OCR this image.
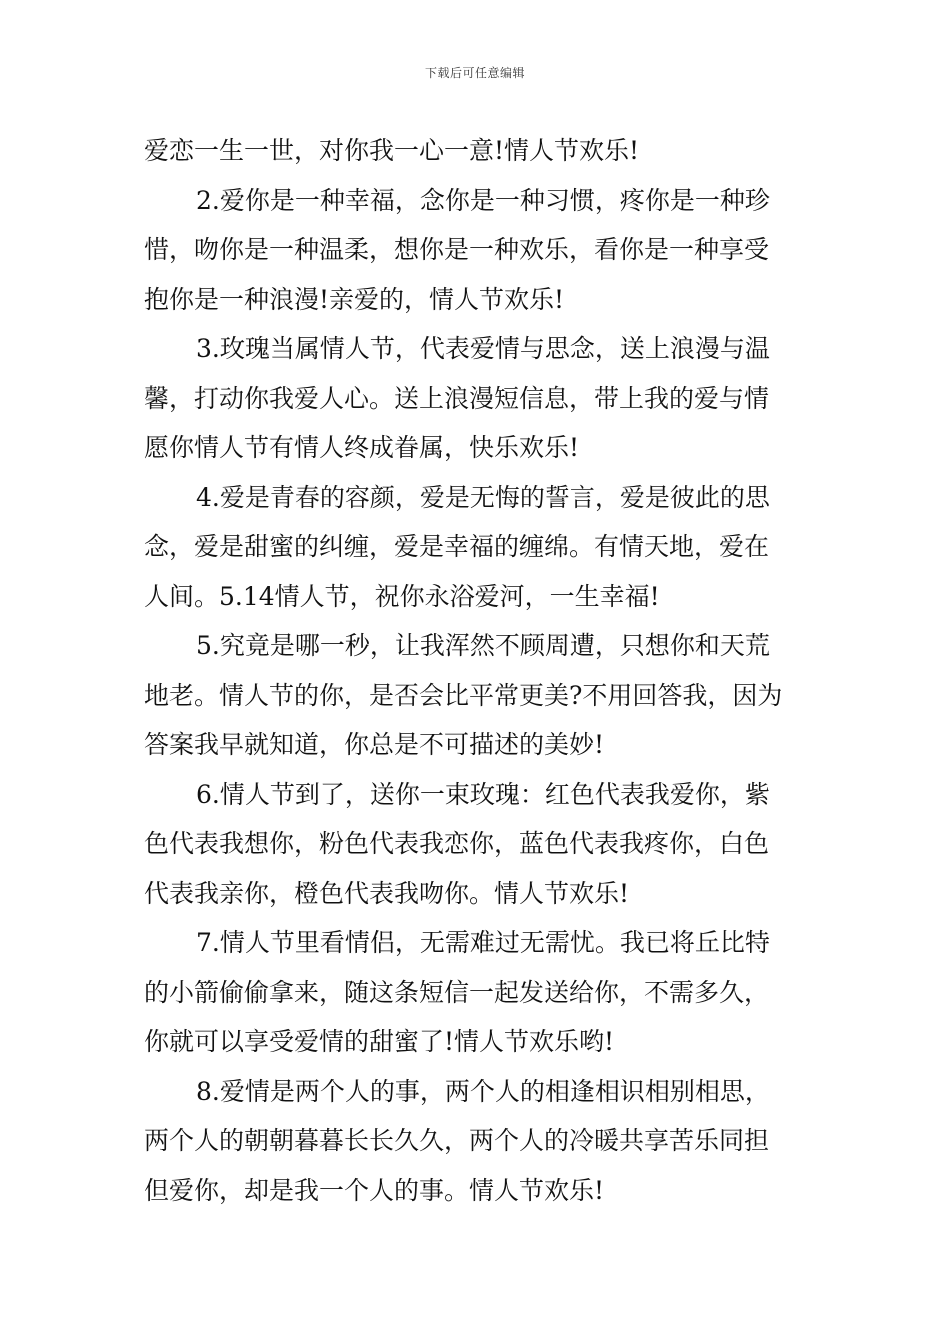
下载后可任意编辑
爱恋一生一世，对你我一心一意!情人节欢乐!
2.爱你是一种幸福，念你是一种习惯，疼你是一种珍
惜，吻你是一种温柔，想你是一种欢乐，看你是一种享受
抱你是一种浪漫!亲爱的，情人节欢乐!
3.玫瑰当属情人节，代表爱情与思念，送上浪漫与温
馨，打动你我爱人心。送上浪漫短信息，带上我的爱与情
愿你情人节有情人终成眷属，快乐欢乐!
4.爱是青春的容颜，爱是无悔的誓言，爱是彼此的思
念，爱是甜蜜的纠缠，爱是幸福的缠绵。有情天地，爱在
人间。5.14情人节，祝你永浴爱河，一生幸福!
5.究竟是哪一秒，让我浑然不顾周遭，只想你和天荒
地老。情人节的你，是否会比平常更美?不用回答我，因为
答案我早就知道，你总是不可描述的美妙!
6.情人节到了，送你一束玫瑰：红色代表我爱你，紫
色代表我想你，粉色代表我恋你，蓝色代表我疼你，白色
代表我亲你，橙色代表我吻你。情人节欢乐!
7.情人节里看情侣，无需难过无需忧。我已将丘比特
的小箭偷偷拿来，随这条短信一起发送给你，不需多久，
你就可以享受爱情的甜蜜了!情人节欢乐哟!
8.爱情是两个人的事，两个人的相逢相识相别相思，
两个人的朝朝暮暮长长久久，两个人的冷暖共享苦乐同担
但爱你，却是我一个人的事。情人节欢乐!
